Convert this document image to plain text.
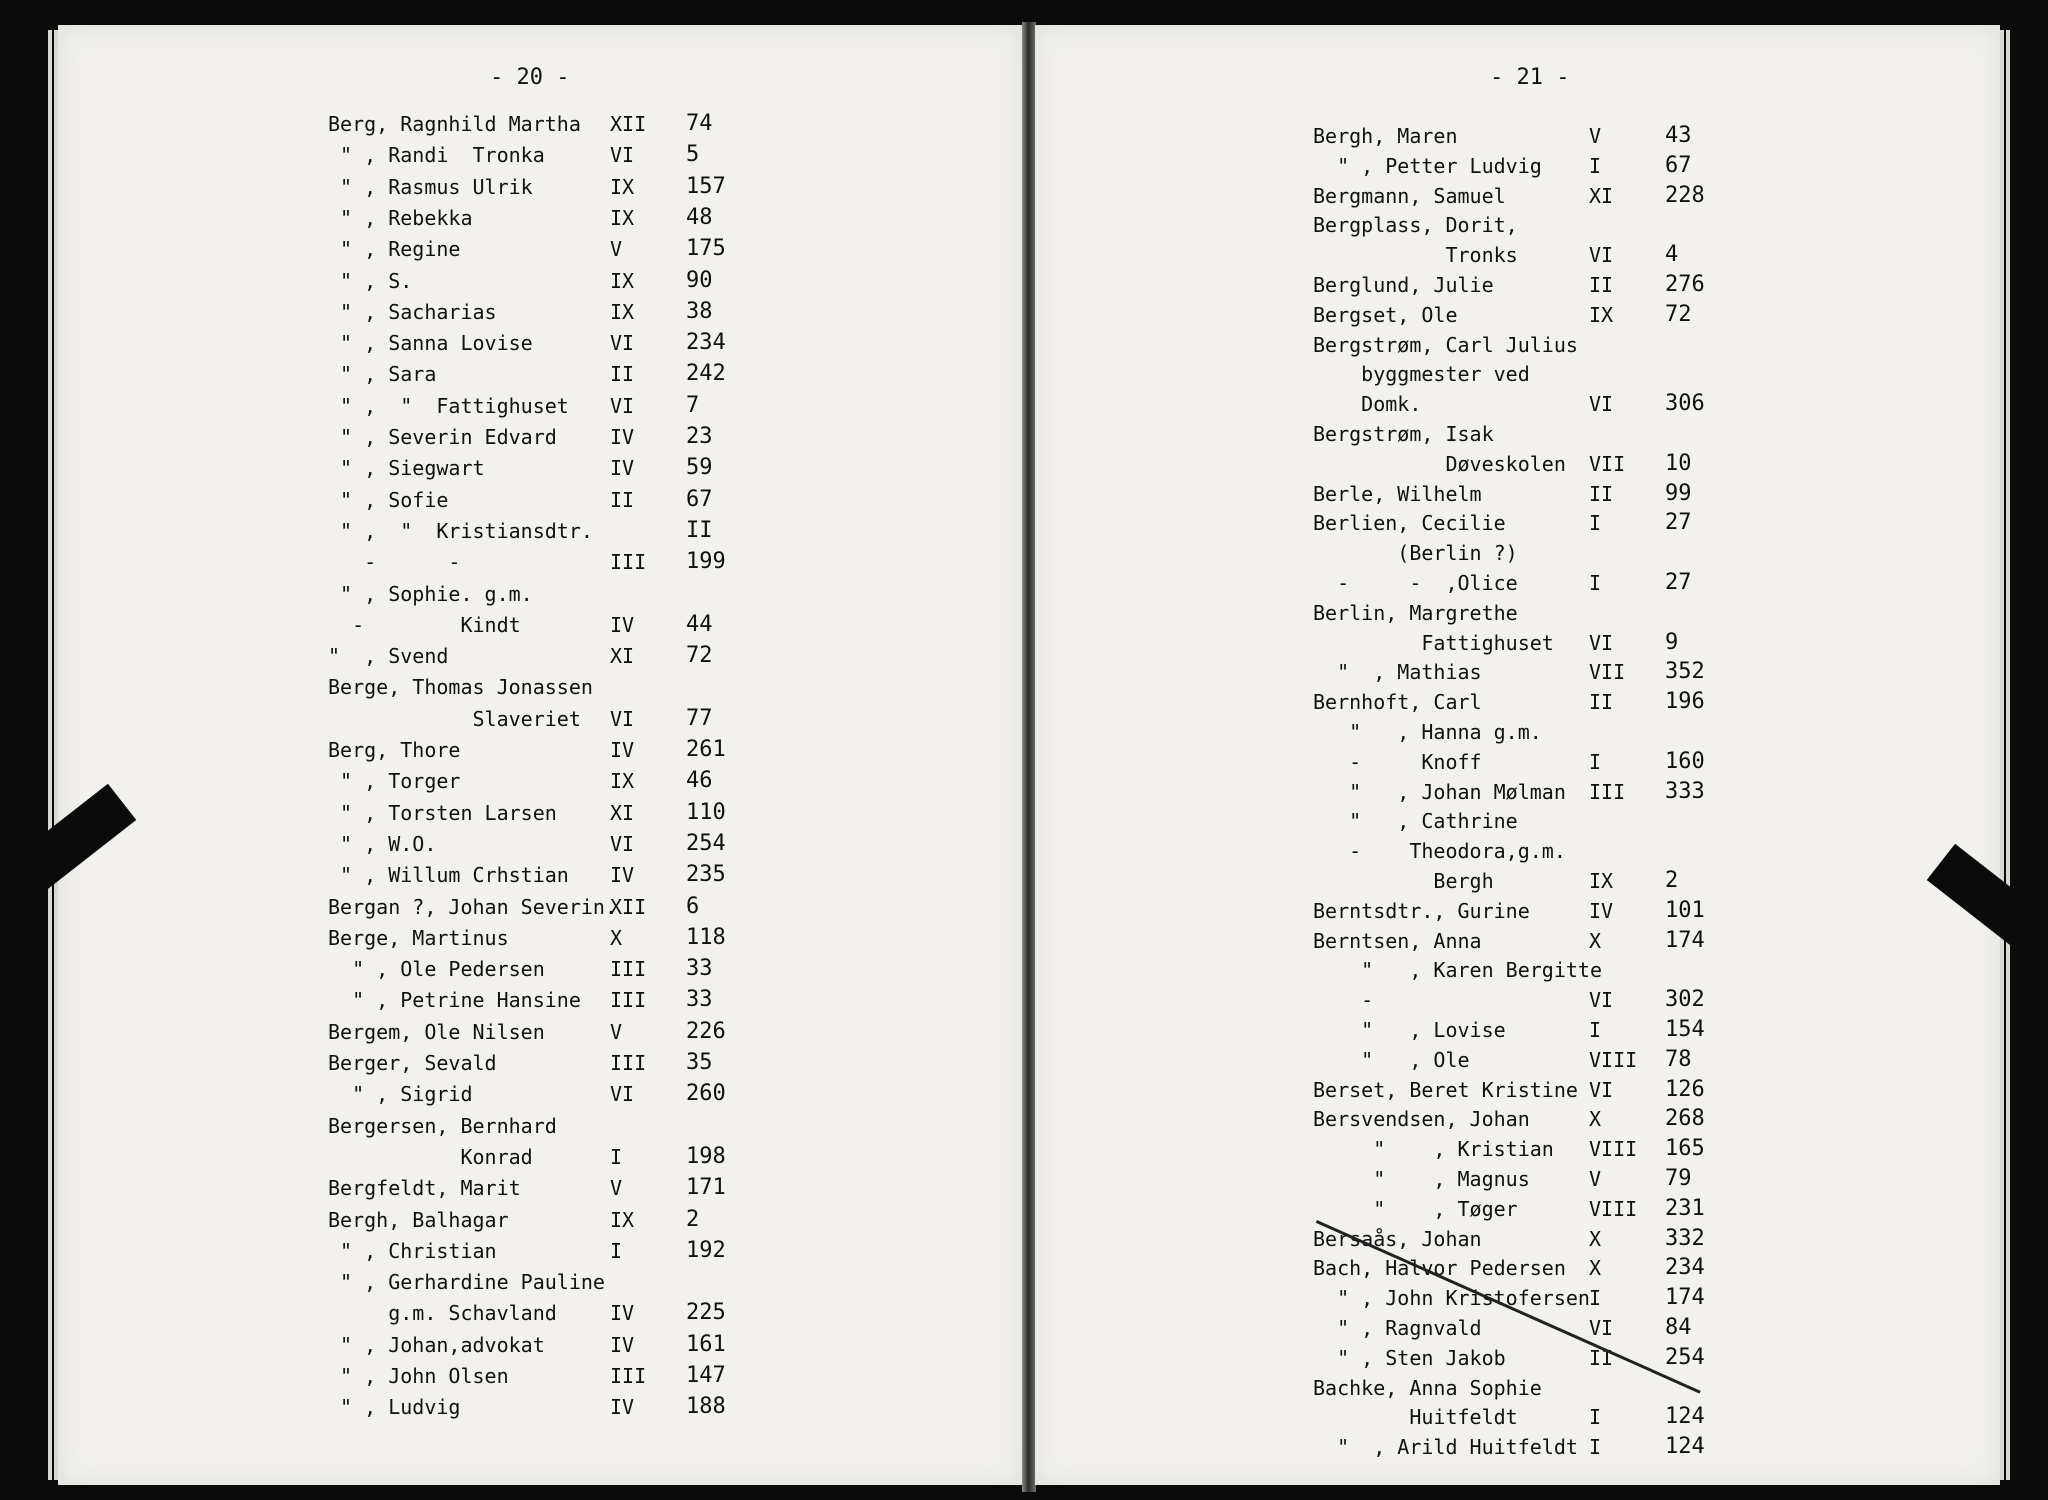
- 20 -
Berg, Ragnhild Martha XII 74
" , Randi  Tronka	VI 5
" , Rasmus Ulrik	IX 157
" , Rebekka	IX 48
" , Regine	V	175
" , S.	IX 90
" , Sacharias	IX 38
" , Sanna Lovise	VI 234
" , Sara	II 242
" ,  "  Fattighuset VI 7
" , Severin Edvard	IV 23
" , Siegwart	IV 59
" , Sofie	II 67
" ,  "  Kristiansdtr.	II
-      -	III 199
" , Sophie. g.m.
-        Kindt	IV 44
"  , Svend	XI 72
Berge, Thomas Jonassen
Slaveriet VI 77
Berg, Thore	IV 261
" , Torger	IX 46
" , Torsten Larsen	XI 110
" , W.O.	VI 254
" , Willum Crhstian IV 235
Bergan ?, Johan Severin.
XII 6
Berge, Martinus	X	118
" , Ole Pedersen	III 33
" , Petrine Hansine III 33
Bergem, Ole Nilsen	V	226
Berger, Sevald	III 35
" , Sigrid	VI 260
Bergersen, Bernhard
Konrad	I	198
Bergfeldt, Marit	V	171
Bergh, Balhagar	IX 2
" , Christian	I	192
" , Gerhardine Pauline
g.m. Schavland	IV 225
" , Johan,advokat	IV 161
" , John Olsen	III 147
" , Ludvig	IV 188
- 21 -
Bergh, Maren	V	43
" , Petter Ludvig I	67
Bergmann, Samuel	XI 228
Bergplass, Dorit,
Tronks	VI 4
Berglund, Julie	II 276
Bergset, Ole	IX 72
Bergstrøm, Carl Julius
byggmester ved
Domk.	VI 306
Bergstrøm, Isak
Døveskolen VII 10
Berle, Wilhelm	II 99
Berlien, Cecilie	I	27
(Berlin ?)
-     -  ,Olice	I	27
Berlin, Margrethe
Fattighuset VI 9
"  , Mathias	VII 352
Bernhoft, Carl	II 196
"   , Hanna g.m.
-     Knoff	I	160
"   , Johan Mølman III 333
"   , Cathrine
-    Theodora,g.m.
Bergh	IX 2
Berntsdtr., Gurine	IV 101
Berntsen, Anna	X	174
"   , Karen Bergitte
-	VI 302
"   , Lovise	I	154
"   , Ole	VIII 78
Berset, Beret Kristine VI 126
Bersvendsen, Johan	X	268
"    , Kristian VIII 165
"    , Magnus	V	79
"    , Tøger	VIII 231
Bersaås, Johan	X	332
Bach, Halvor Pedersen X	234
" , John Kristofersen I	174
" , Ragnvald	VI 84
" , Sten Jakob	II 254
Bachke, Anna Sophie
Huitfeldt	I	124
"  , Arild Huitfeldt I	124
